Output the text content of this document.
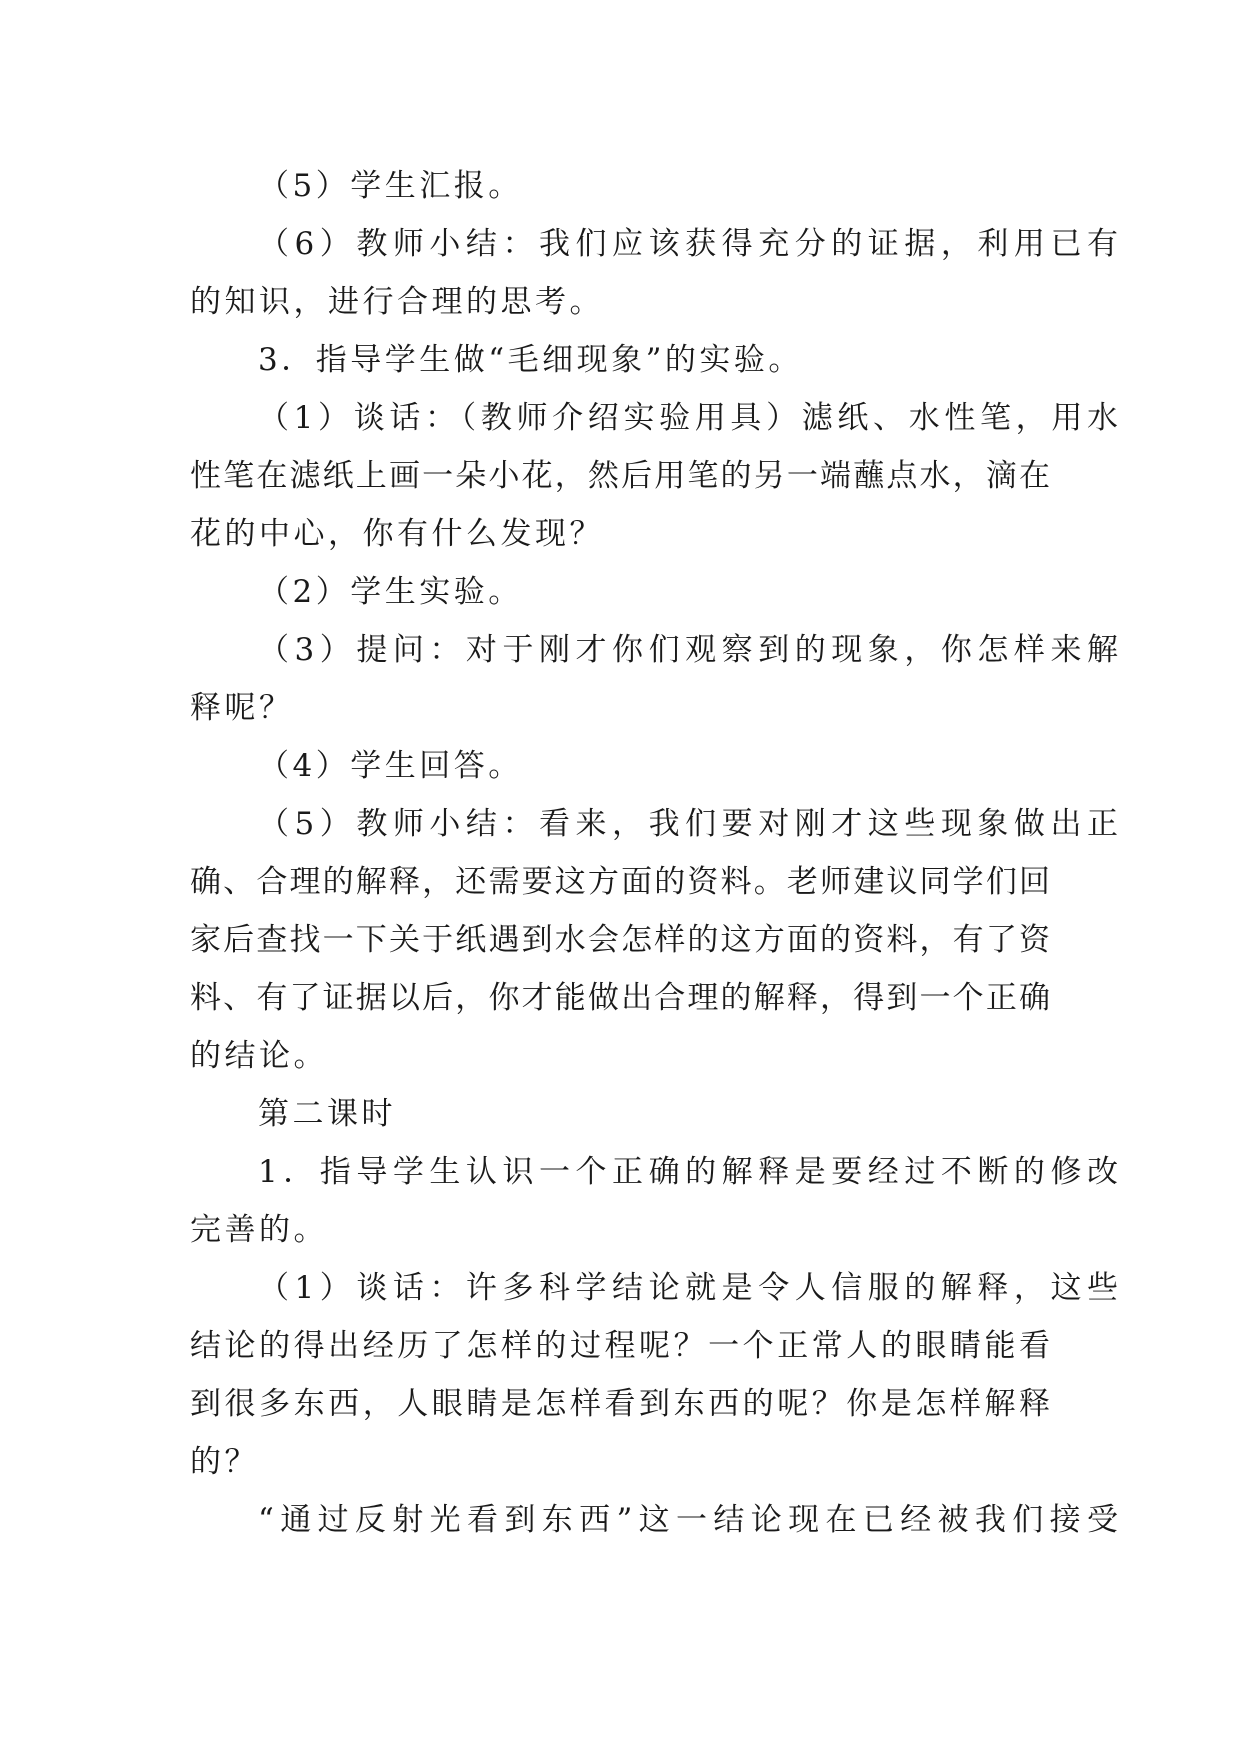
（5）学生汇报。
（6）教师小结：我们应该获得充分的证据，利用已有
的知识，进行合理的思考。
3．指导学生做“毛细现象”的实验。
（1）谈话：（教师介绍实验用具）滤纸、水性笔，用水
性笔在滤纸上画一朵小花，然后用笔的另一端蘸点水，滴在
花的中心，你有什么发现？
（2）学生实验。
（3）提问：对于刚才你们观察到的现象，你怎样来解
释呢？
（4）学生回答。
（5）教师小结：看来，我们要对刚才这些现象做出正
确、合理的解释，还需要这方面的资料。老师建议同学们回
家后查找一下关于纸遇到水会怎样的这方面的资料，有了资
料、有了证据以后，你才能做出合理的解释，得到一个正确
的结论。
第二课时
1．指导学生认识一个正确的解释是要经过不断的修改
完善的。
（1）谈话：许多科学结论就是令人信服的解释，这些
结论的得出经历了怎样的过程呢？一个正常人的眼睛能看
到很多东西，人眼睛是怎样看到东西的呢？你是怎样解释
的？
“通过反射光看到东西”这一结论现在已经被我们接受
